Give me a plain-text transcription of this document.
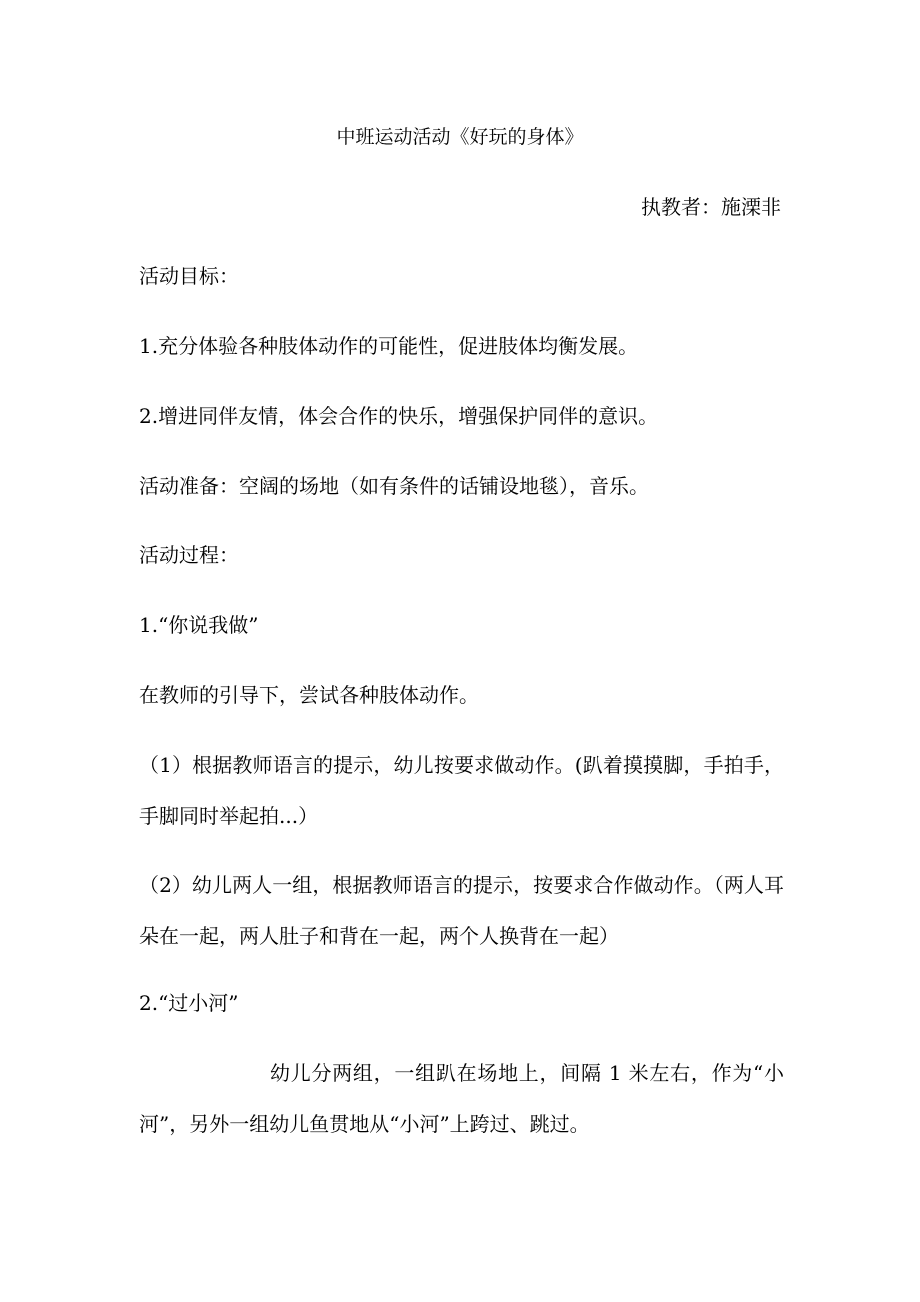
中班运动活动《好玩的身体》
执教者：施溧非
活动目标：
1.充分体验各种肢体动作的可能性，促进肢体均衡发展。
2.增进同伴友情，体会合作的快乐，增强保护同伴的意识。
活动准备：空阔的场地（如有条件的话铺设地毯），音乐。
活动过程：
1.“你说我做”
在教师的引导下，尝试各种肢体动作。
（1）根据教师语言的提示，幼儿按要求做动作。(趴着摸摸脚，手拍手，手脚同时举起拍...）
（2）幼儿两人一组，根据教师语言的提示，按要求合作做动作。（两人耳朵在一起，两人肚子和背在一起，两个人换背在一起）
2.“过小河”
幼儿分两组，一组趴在场地上，间隔 1 米左右，作为“小河”，另外一组幼儿鱼贯地从“小河”上跨过、跳过。
